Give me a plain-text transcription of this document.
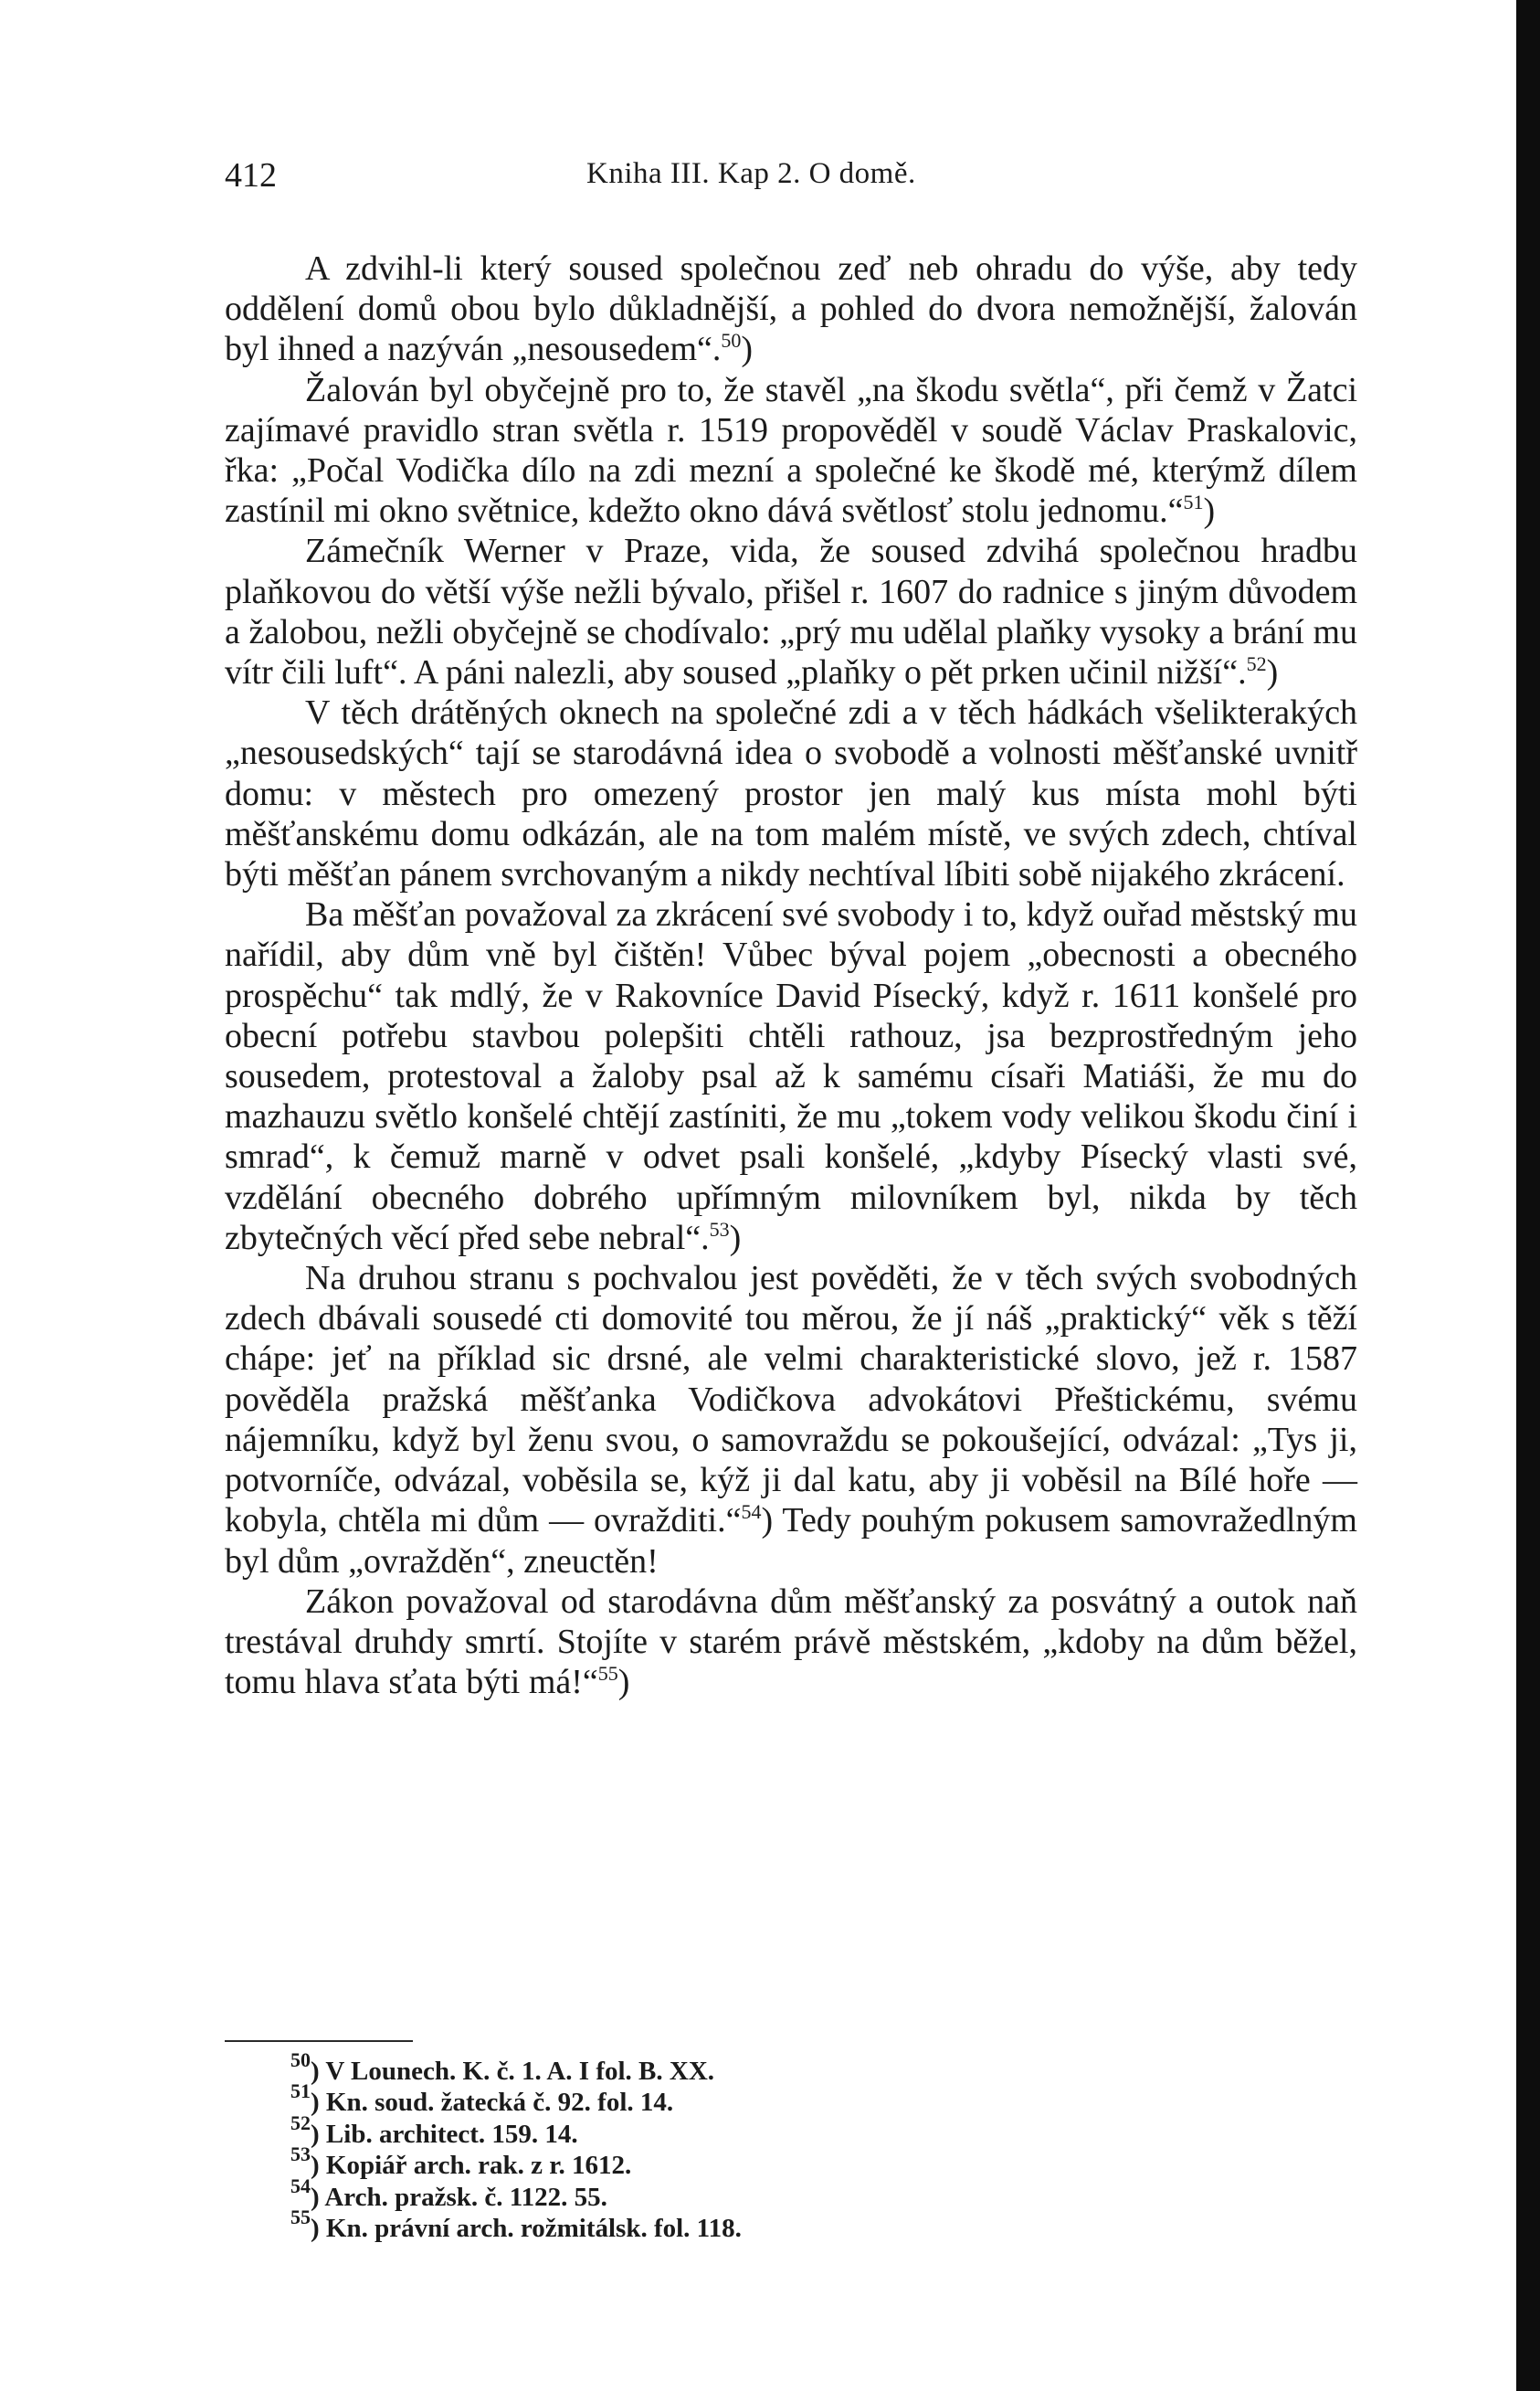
412	Kniha III. Kap 2. O domě.

A zdvihl-li který soused společnou zeď neb ohradu do výše, aby tedy oddělení domů obou bylo důkladnější, a pohled do dvora nemožnější, žalován byl ihned a nazýván „nesousedem“.$^{50}$)

Žalován byl obyčejně pro to, že stavěl „na škodu světla“, při čemž v Žatci zajímavé pravidlo stran světla r. 1519 propověděl v soudě Václav Praskalovic, řka: „Počal Vodička dílo na zdi mezní a společné ke škodě mé, kterýmž dílem zastínil mi okno světnice, kdežto okno dává světlosť stolu jednomu.“$^{51}$)

Zámečník Werner v Praze, vida, že soused zdvihá společnou hradbu plaňkovou do větší výše nežli bývalo, přišel r. 1607 do radnice s jiným důvodem a žalobou, nežli obyčejně se chodívalo: „prý mu udělal plaňky vysoky a brání mu vítr čili luft“. A páni nalezli, aby soused „plaňky o pět prken učinil nižší“.$^{52}$)

V těch drátěných oknech na společné zdi a v těch hádkách všelikterakých „nesousedských“ tají se starodávná idea o svobodě a volnosti měšťanské uvnitř domu: v městech pro omezený prostor jen malý kus místa mohl býti měšťanskému domu odkázán, ale na tom malém místě, ve svých zdech, chtíval býti měšťan pánem svrchovaným a nikdy nechtíval líbiti sobě nijakého zkrácení.

Ba měšťan považoval za zkrácení své svobody i to, když ouřad městský mu nařídil, aby dům vně byl čištěn! Vůbec býval pojem „obecnosti a obecného prospěchu“ tak mdlý, že v Rakovníce David Písecký, když r. 1611 konšelé pro obecní potřebu stavbou polepšiti chtěli rathouz, jsa bezprostředným jeho sousedem, protestoval a žaloby psal až k samému císaři Matiáši, že mu do mazhauzu světlo konšelé chtějí zastíniti, že mu „tokem vody velikou škodu činí i smrad“, k čemuž marně v odvet psali konšelé, „kdyby Písecký vlasti své, vzdělání obecného dobrého upřímným milovníkem byl, nikda by těch zbytečných věcí před sebe nebral“.$^{53}$)

Na druhou stranu s pochvalou jest pověděti, že v těch svých svobodných zdech dbávali sousedé cti domovité tou měrou, že jí náš „praktický“ věk s těží chápe: jeť na příklad sic drsné, ale velmi charakteristické slovo, jež r. 1587 pověděla pražská měšťanka Vodičkova advokátovi Přeštickému, svému nájemníku, když byl ženu svou, o samovraždu se pokoušející, odvázal: „Tys ji, potvorníče, odvázal, voběsila se, kýž ji dal katu, aby ji voběsil na Bílé hoře — kobyla, chtěla mi dům — ovražditi.“$^{54}$) Tedy pouhým pokusem samovražedlným byl dům „ovražděn“, zneuctěn!

Zákon považoval od starodávna dům měšťanský za posvátný a outok naň trestával druhdy smrtí. Stojíte v starém právě městském, „kdoby na dům běžel, tomu hlava sťata býti má!“$^{55}$)

$^{50}$) V Lounech. K. č. 1. A. I fol. B. XX.
$^{51}$) Kn. soud. žatecká č. 92. fol. 14.
$^{52}$) Lib. architect. 159. 14.
$^{53}$) Kopiář arch. rak. z r. 1612.
$^{54}$) Arch. pražsk. č. 1122. 55.
$^{55}$) Kn. právní arch. rožmitálsk. fol. 118.
